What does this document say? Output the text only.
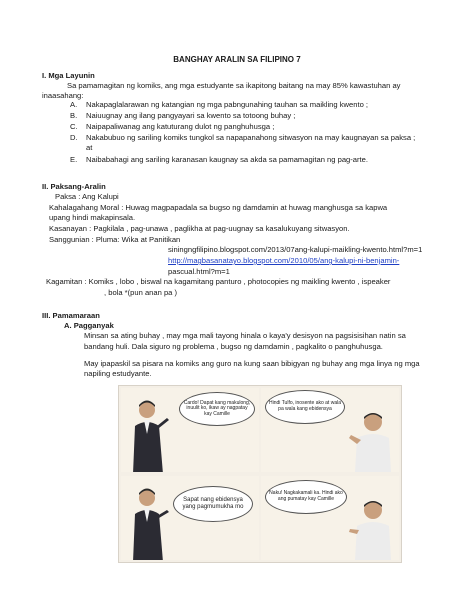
BANGHAY ARALIN SA FILIPINO 7
I. Mga Layunin
Sa pamamagitan ng komiks, ang mga estudyante sa ikapitong baitang na may 85% kawastuhan ay
inaasahang:
A. Nakapaglalarawan ng katangian ng mga pabngunahing tauhan sa maikling kwento ;
B. Naiuugnay ang ilang pangyayari sa kwento sa totoong buhay ;
C. Naipapaliwanag ang katuturang dulot ng panghuhusga ;
D. Nakabubuo ng sariling komiks tungkol sa napapanahong sitwasyon na may kaugnayan sa paksa ;
at
E. Naibabahagi ang sariling karanasan kaugnay sa akda sa pamamagitan ng pag-arte.
II. Paksang-Aralin
Paksa : Ang Kalupi
Kahalagahang Moral : Huwag magpapadala sa bugso ng damdamin at huwag manghusga sa kapwa
upang hindi makapinsala.
Kasanayan : Pagkilala , pag-unawa , paglikha at pag-uugnay sa kasalukuyang sitwasyon.
Sanggunian : Pluma: Wika at Panitikan
siningngfilipino.blogspot.com/2013/07ang-kalupi-maikling-kwento.html?m=1
http://magbasanatayo.blogspot.com/2010/05/ang-kalupi-ni-benjamin-
pascual.html?m=1
Kagamitan : Komiks , lobo , biswal na kagamitang panturo , photocopies ng maikling kwento , ispeaker
, bola *(pun anan pa )
III. Pamamaraan
A. Pagganyak
Minsan sa ating buhay , may mga mali tayong hinala o kaya'y desisyon na pagsisisihan natin sa
bandang huli. Dala siguro ng problema , bugso ng damdamin , pagkalito o panghuhusga.
May ipapaskil sa pisara na komiks ang guro na kung saan bibigyan ng buhay ang mga linya ng mga
napiling estudyante.
Cardo! Dapat kang makulong, inuulit ko, ikaw ay nagpatay kay Camille
Hindi Tulfo, inosente ako at wala pa wala kang ebidensya
Sapat nang ebidensya yang pagmumukha mo
Naku! Nagkakamali ka. Hindi ako ang pumatay kay Camille
